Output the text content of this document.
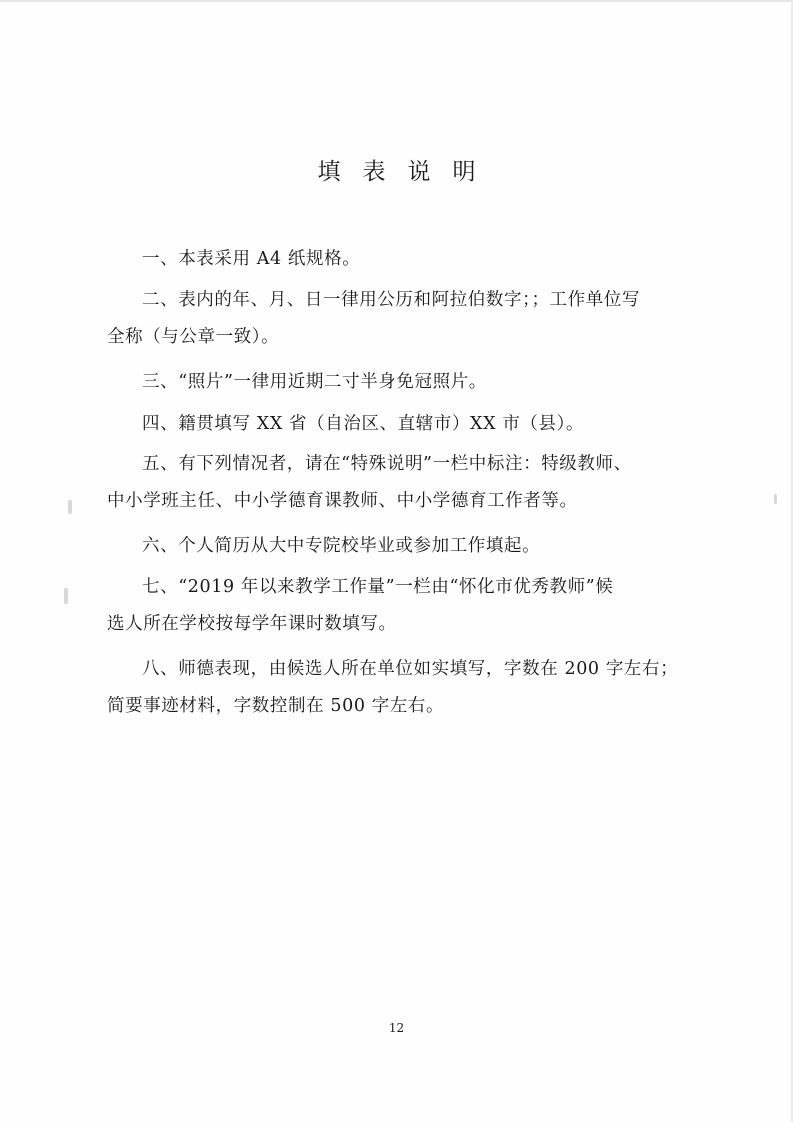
填表说明
一、本表采用 A4 纸规格。
二、表内的年、月、日一律用公历和阿拉伯数字；；工作单位写
全称（与公章一致）。
三、“照片”一律用近期二寸半身免冠照片。
四、籍贯填写 XX 省（自治区、直辖市）XX 市（县）。
五、有下列情况者，请在“特殊说明”一栏中标注：特级教师、
中小学班主任、中小学德育课教师、中小学德育工作者等。
六、个人简历从大中专院校毕业或参加工作填起。
七、“2019 年以来教学工作量”一栏由“怀化市优秀教师”候
选人所在学校按每学年课时数填写。
八、师德表现，由候选人所在单位如实填写，字数在 200 字左右；
简要事迹材料，字数控制在 500 字左右。
12
